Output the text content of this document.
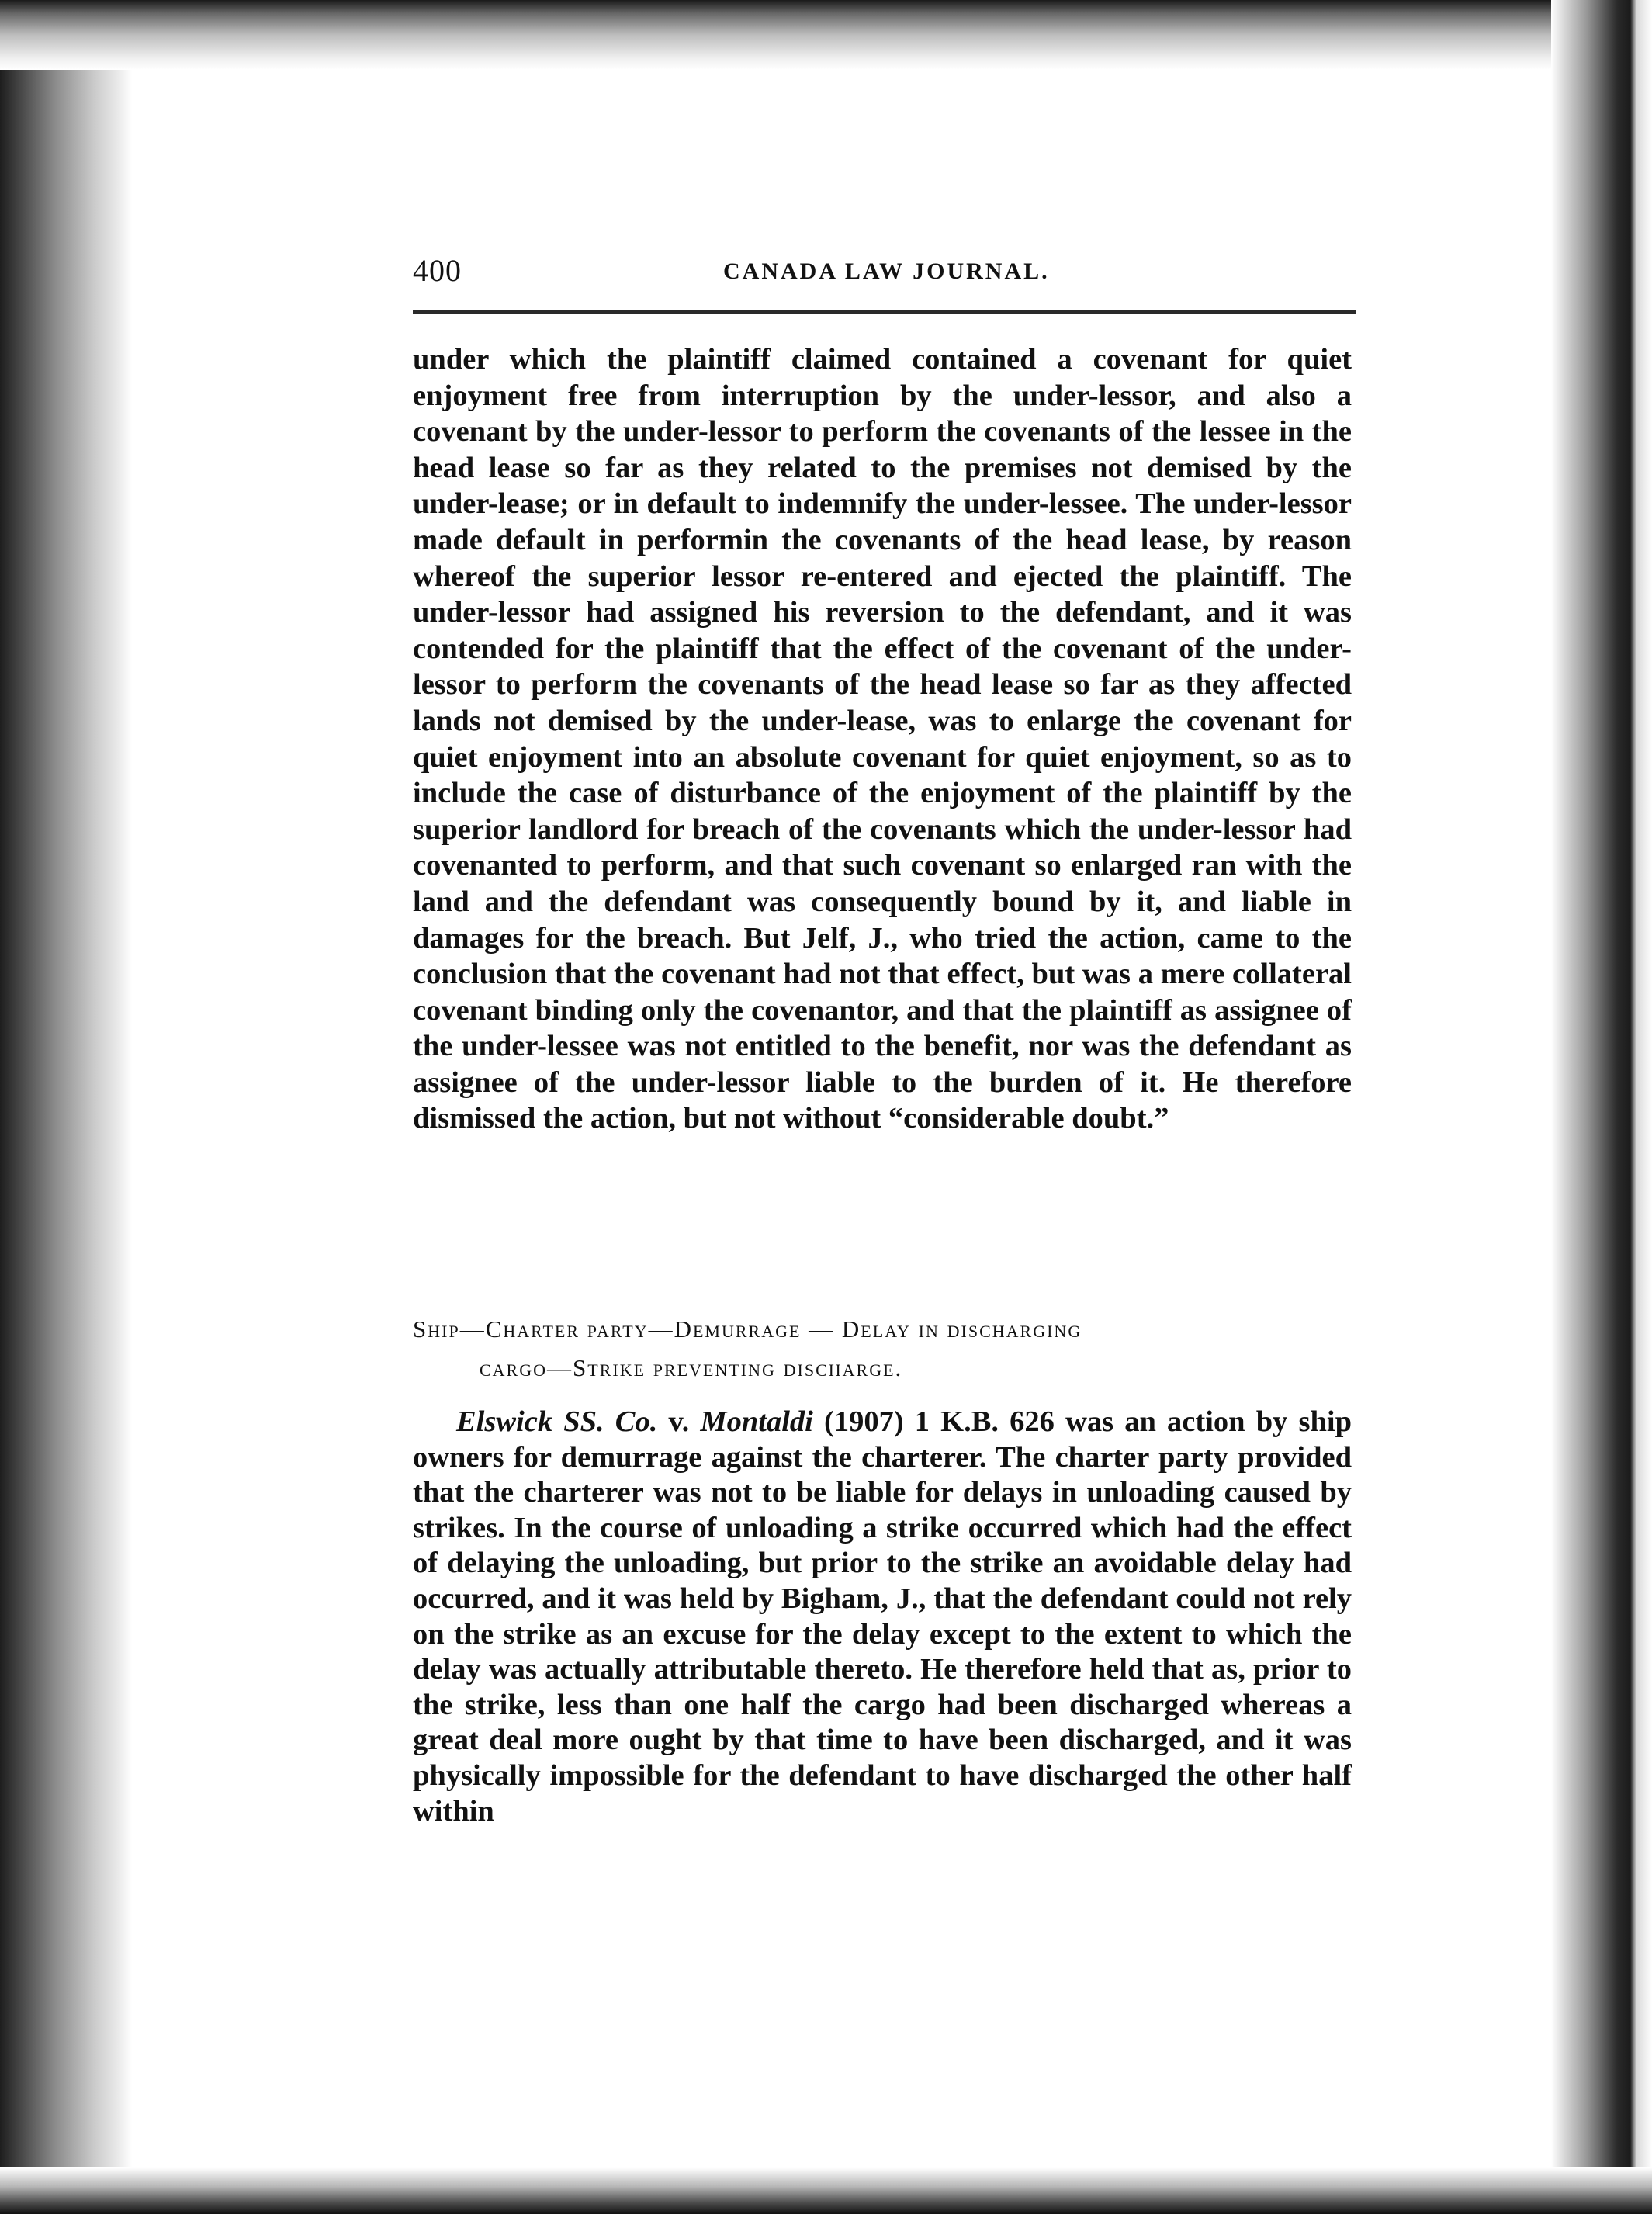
400	CANADA LAW JOURNAL.

under which the plaintiff claimed contained a covenant for quiet enjoyment free from interruption by the under-lessor, and also a covenant by the under-lessor to perform the covenants of the lessee in the head lease so far as they related to the premises not demised by the under-lease; or in default to indemnify the under-lessee. The under-lessor made default in performin the covenants of the head lease, by reason whereof the superior lessor re-entered and ejected the plaintiff. The under-lessor had assigned his reversion to the defendant, and it was contended for the plaintiff that the effect of the covenant of the under-lessor to perform the covenants of the head lease so far as they affected lands not demised by the under-lease, was to enlarge the covenant for quiet enjoyment into an absolute covenant for quiet enjoyment, so as to include the case of disturbance of the enjoyment of the plaintiff by the superior landlord for breach of the covenants which the under-lessor had covenanted to perform, and that such covenant so enlarged ran with the land and the defendant was consequently bound by it, and liable in damages for the breach. But Jelf, J., who tried the action, came to the conclusion that the covenant had not that effect, but was a mere collateral covenant binding only the covenantor, and that the plaintiff as assignee of the under-lessee was not entitled to the benefit, nor was the defendant as assignee of the under-lessor liable to the burden of it. He therefore dismissed the action, but not without “considerable doubt.”

Ship—Charter party—Demurrage — Delay in discharging
cargo—Strike preventing discharge.
Elswick SS. Co. v. Montaldi (1907) 1 K.B. 626 was an action by ship owners for demurrage against the charterer. The charter party provided that the charterer was not to be liable for delays in unloading caused by strikes. In the course of unloading a strike occurred which had the effect of delaying the unloading, but prior to the strike an avoidable delay had occurred, and it was held by Bigham, J., that the defendant could not rely on the strike as an excuse for the delay except to the extent to which the delay was actually attributable thereto. He therefore held that as, prior to the strike, less than one half the cargo had been discharged whereas a great deal more ought by that time to have been discharged, and it was physically impossible for the defendant to have discharged the other half within
